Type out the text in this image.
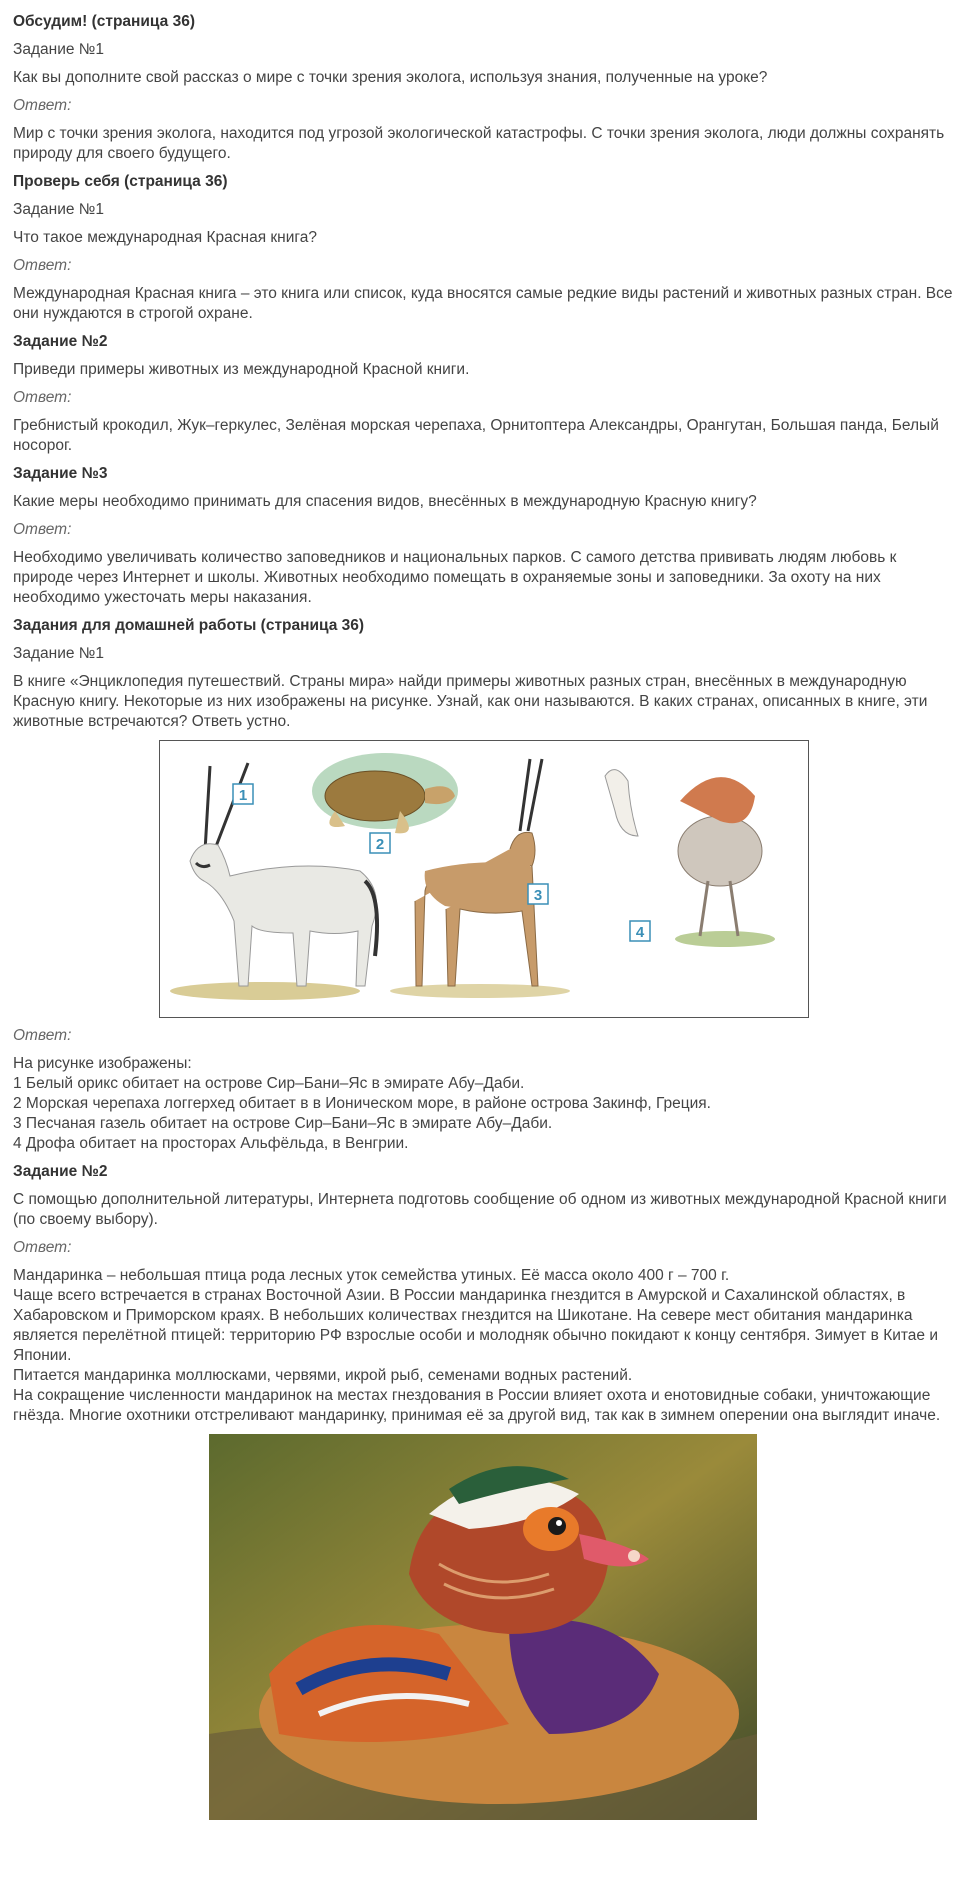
Обсудим! (страница 36)

Задание №1

Как вы дополните свой рассказ о мире с точки зрения эколога, используя знания, полученные на уроке?

Ответ:

Мир с точки зрения эколога, находится под угрозой экологической катастрофы. С точки зрения эколога, люди должны сохранять природу для своего будущего.

Проверь себя (страница 36)

Задание №1

Что такое международная Красная книга?

Ответ:

Международная Красная книга – это книга или список, куда вносятся самые редкие виды растений и животных разных стран. Все они нуждаются в строгой охране.

Задание №2

Приведи примеры животных из международной Красной книги.

Ответ:

Гребнистый крокодил, Жук–геркулес, Зелёная морская черепаха, Орнитоптера Александры, Орангутан, Большая панда, Белый носорог.

Задание №3

Какие меры необходимо принимать для спасения видов, внесённых в международную Красную книгу?

Ответ:

Необходимо увеличивать количество заповедников и национальных парков. С самого детства прививать людям любовь к природе через Интернет и школы. Животных необходимо помещать в охраняемые зоны и заповедники. За охоту на них необходимо ужесточать меры наказания.

Задания для домашней работы (страница 36)

Задание №1

В книге «Энциклопедия путешествий. Страны мира» найди примеры животных разных стран, внесённых в международную Красную книгу. Некоторые из них изображены на рисунке. Узнай, как они называются. В каких странах, описанных в книге, эти животные встречаются? Ответь устно.

1
2
3
4

Ответ:

На рисунке изображены:
1 Белый орикс обитает на острове Сир–Бани–Яс в эмирате Абу–Даби.
2 Морская черепаха логгерхед обитает в в Ионическом море, в районе острова Закинф, Греция.
3 Песчаная газель обитает на острове Сир–Бани–Яс в эмирате Абу–Даби.
4 Дрофа обитает на просторах Альфёльда, в Венгрии.

Задание №2

С помощью дополнительной литературы, Интернета подготовь сообщение об одном из животных международной Красной книги (по своему выбору).

Ответ:

Мандаринка – небольшая птица рода лесных уток семейства утиных. Её масса около 400 г – 700 г.
Чаще всего встречается в странах Восточной Азии. В России мандаринка гнездится в Амурской и Сахалинской областях, в Хабаровском и Приморском краях. В небольших количествах гнездится на Шикотане. На севере мест обитания мандаринка является перелётной птицей: территорию РФ взрослые особи и молодняк обычно покидают к концу сентября. Зимует в Китае и Японии.
Питается мандаринка моллюсками, червями, икрой рыб, семенами водных растений.
На сокращение численности мандаринок на местах гнездования в России влияет охота и енотовидные собаки, уничтожающие гнёзда. Многие охотники отстреливают мандаринку, принимая её за другой вид, так как в зимнем оперении она выглядит иначе.
